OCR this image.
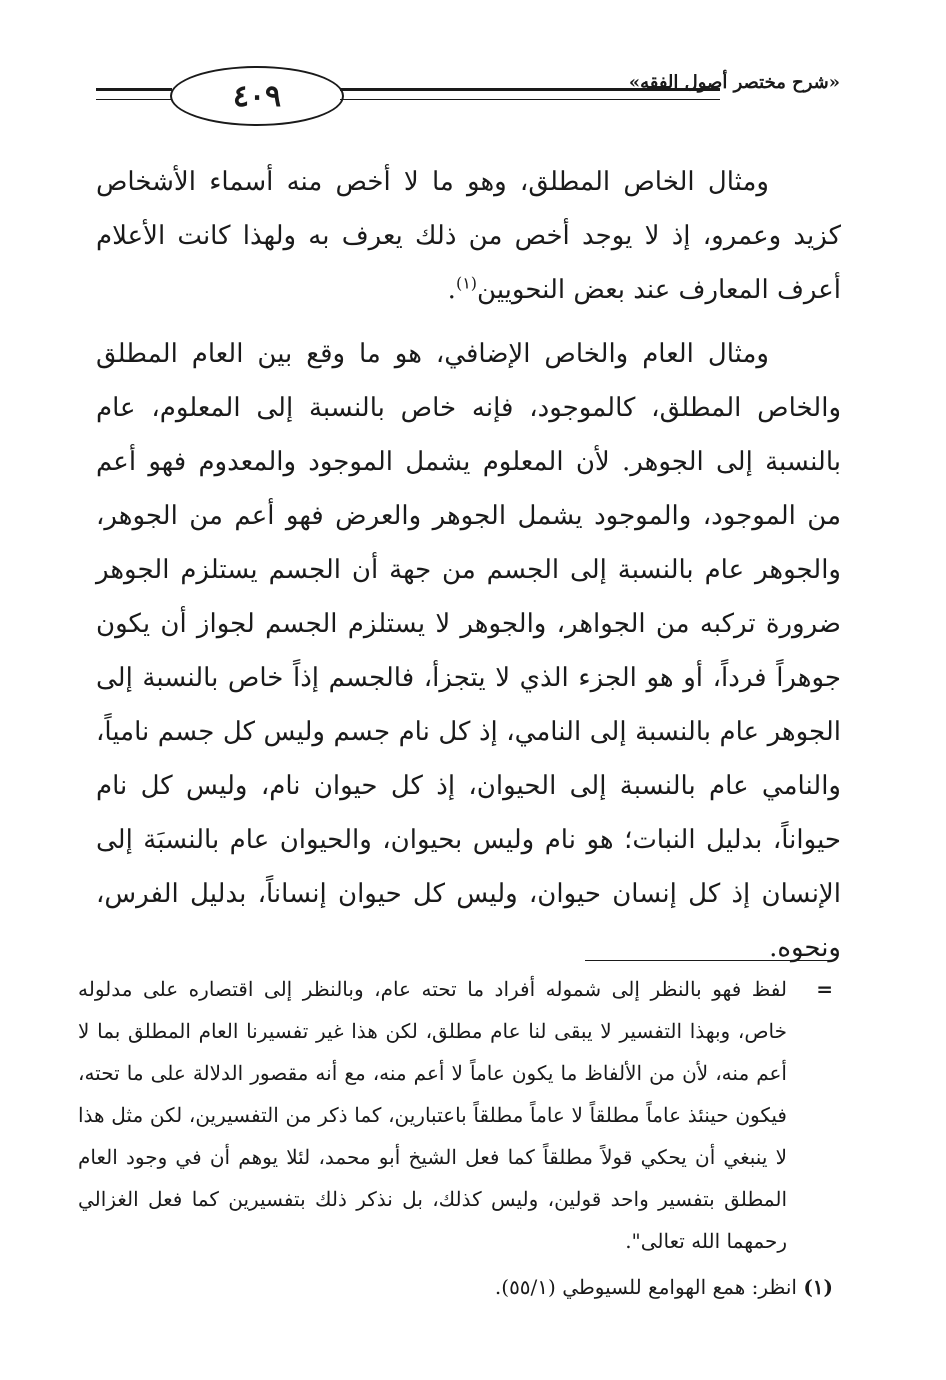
٤٠٩	«شرح مختصر أصول الفقه»

ومثال الخاص المطلق، وهو ما لا أخص منه أسماء الأشخاص كزيد وعمرو، إذ لا يوجد أخص من ذلك يعرف به ولهذا كانت الأعلام أعرف المعارف عند بعض النحويين$^{(١)}$.

ومثال العام والخاص الإضافي، هو ما وقع بين العام المطلق والخاص المطلق، كالموجود، فإنه خاص بالنسبة إلى المعلوم، عام بالنسبة إلى الجوهر. لأن المعلوم يشمل الموجود والمعدوم فهو أعم من الموجود، والموجود يشمل الجوهر والعرض فهو أعم من الجوهر، والجوهر عام بالنسبة إلى الجسم من جهة أن الجسم يستلزم الجوهر ضرورة تركبه من الجواهر، والجوهر لا يستلزم الجسم لجواز أن يكون جوهراً فرداً، أو هو الجزء الذي لا يتجزأ، فالجسم إذاً خاص بالنسبة إلى الجوهر عام بالنسبة إلى النامي، إذ كل نام جسم وليس كل جسم نامياً، والنامي عام بالنسبة إلى الحيوان، إذ كل حيوان نام، وليس كل نام حيواناً، بدليل النبات؛ هو نام وليس بحيوان، والحيوان عام بالنسبَة إلى الإنسان إذ كل إنسان حيوان، وليس كل حيوان إنساناً، بدليل الفرس، ونحوه.

=
لفظ فهو بالنظر إلى شموله أفراد ما تحته عام، وبالنظر إلى اقتصاره على مدلوله خاص، وبهذا التفسير لا يبقى لنا عام مطلق، لكن هذا غير تفسيرنا العام المطلق بما لا أعم منه، لأن من الألفاظ ما يكون عاماً لا أعم منه، مع أنه مقصور الدلالة على ما تحته، فيكون حينئذ عاماً مطلقاً لا عاماً مطلقاً باعتبارين، كما ذكر من التفسيرين، لكن مثل هذا لا ينبغي أن يحكي قولاً مطلقاً كما فعل الشيخ أبو محمد، لئلا يوهم أن في وجود العام المطلق بتفسير واحد قولين، وليس كذلك، بل نذكر ذلك بتفسيرين كما فعل الغزالي رحمهما الله تعالى".

(١) انظر: همع الهوامع للسيوطي (٥٥/١).
